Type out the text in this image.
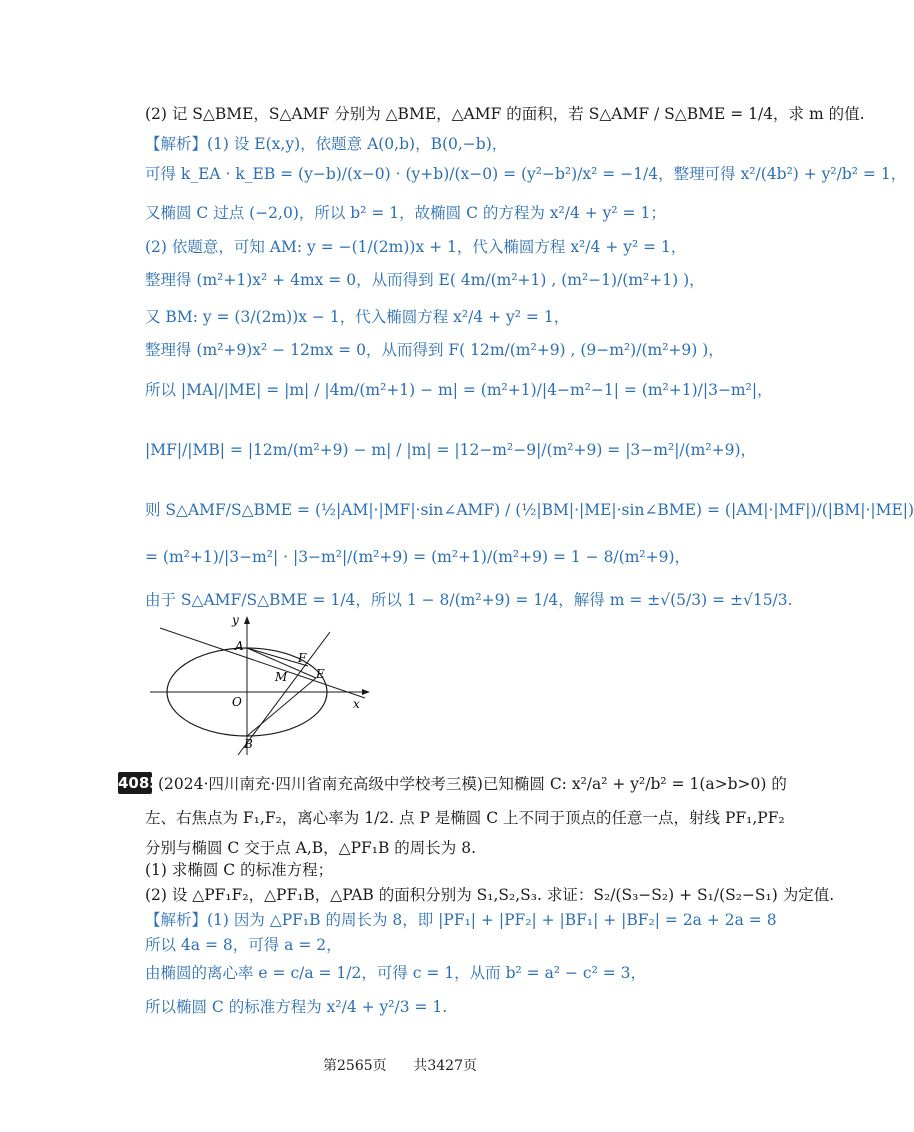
(2) 记 S△BME，S△AMF 分别为 △BME，△AMF 的面积，若 S△AMF / S△BME = 1/4，求 m 的值.
【解析】(1) 设 E(x,y)，依题意 A(0,b)，B(0,−b)，
可得 k_EA · k_EB = (y−b)/(x−0) · (y+b)/(x−0) = (y²−b²)/x² = −1/4，整理可得 x²/(4b²) + y²/b² = 1，
又椭圆 C 过点 (−2,0)，所以 b² = 1，故椭圆 C 的方程为 x²/4 + y² = 1；
(2) 依题意，可知 AM: y = −(1/(2m))x + 1，代入椭圆方程 x²/4 + y² = 1，
整理得 (m²+1)x² + 4mx = 0，从而得到 E( 4m/(m²+1) , (m²−1)/(m²+1) )，
又 BM: y = (3/(2m))x − 1，代入椭圆方程 x²/4 + y² = 1，
整理得 (m²+9)x² − 12mx = 0，从而得到 F( 12m/(m²+9) , (9−m²)/(m²+9) )，
所以 |MA|/|ME| = |m| / |4m/(m²+1) − m| = (m²+1)/|4−m²−1| = (m²+1)/|3−m²|，
|MF|/|MB| = |12m/(m²+9) − m| / |m| = |12−m²−9|/(m²+9) = |3−m²|/(m²+9)，
则 S△AMF/S△BME = (½|AM|·|MF|·sin∠AMF) / (½|BM|·|ME|·sin∠BME) = (|AM|·|MF|)/(|BM|·|ME|)
= (m²+1)/|3−m²| · |3−m²|/(m²+9) = (m²+1)/(m²+9) = 1 − 8/(m²+9)，
由于 S△AMF/S△BME = 1/4，所以 1 − 8/(m²+9) = 1/4，解得 m = ±√(5/3) = ±√15/3.
y
A
F
M E
O	x
B
4085
(2024·四川南充·四川省南充高级中学校考三模)已知椭圆 C: x²/a² + y²/b² = 1(a>b>0) 的
左、右焦点为 F₁,F₂，离心率为 1/2. 点 P 是椭圆 C 上不同于顶点的任意一点，射线 PF₁,PF₂
分别与椭圆 C 交于点 A,B，△PF₁B 的周长为 8.
(1) 求椭圆 C 的标准方程；
(2) 设 △PF₁F₂，△PF₁B，△PAB 的面积分别为 S₁,S₂,S₃. 求证：S₂/(S₃−S₂) + S₁/(S₂−S₁) 为定值.
【解析】(1) 因为 △PF₁B 的周长为 8，即 |PF₁| + |PF₂| + |BF₁| + |BF₂| = 2a + 2a = 8
所以 4a = 8，可得 a = 2，
由椭圆的离心率 e = c/a = 1/2，可得 c = 1，从而 b² = a² − c² = 3，
所以椭圆 C 的标准方程为 x²/4 + y²/3 = 1.
第2565页 共3427页
